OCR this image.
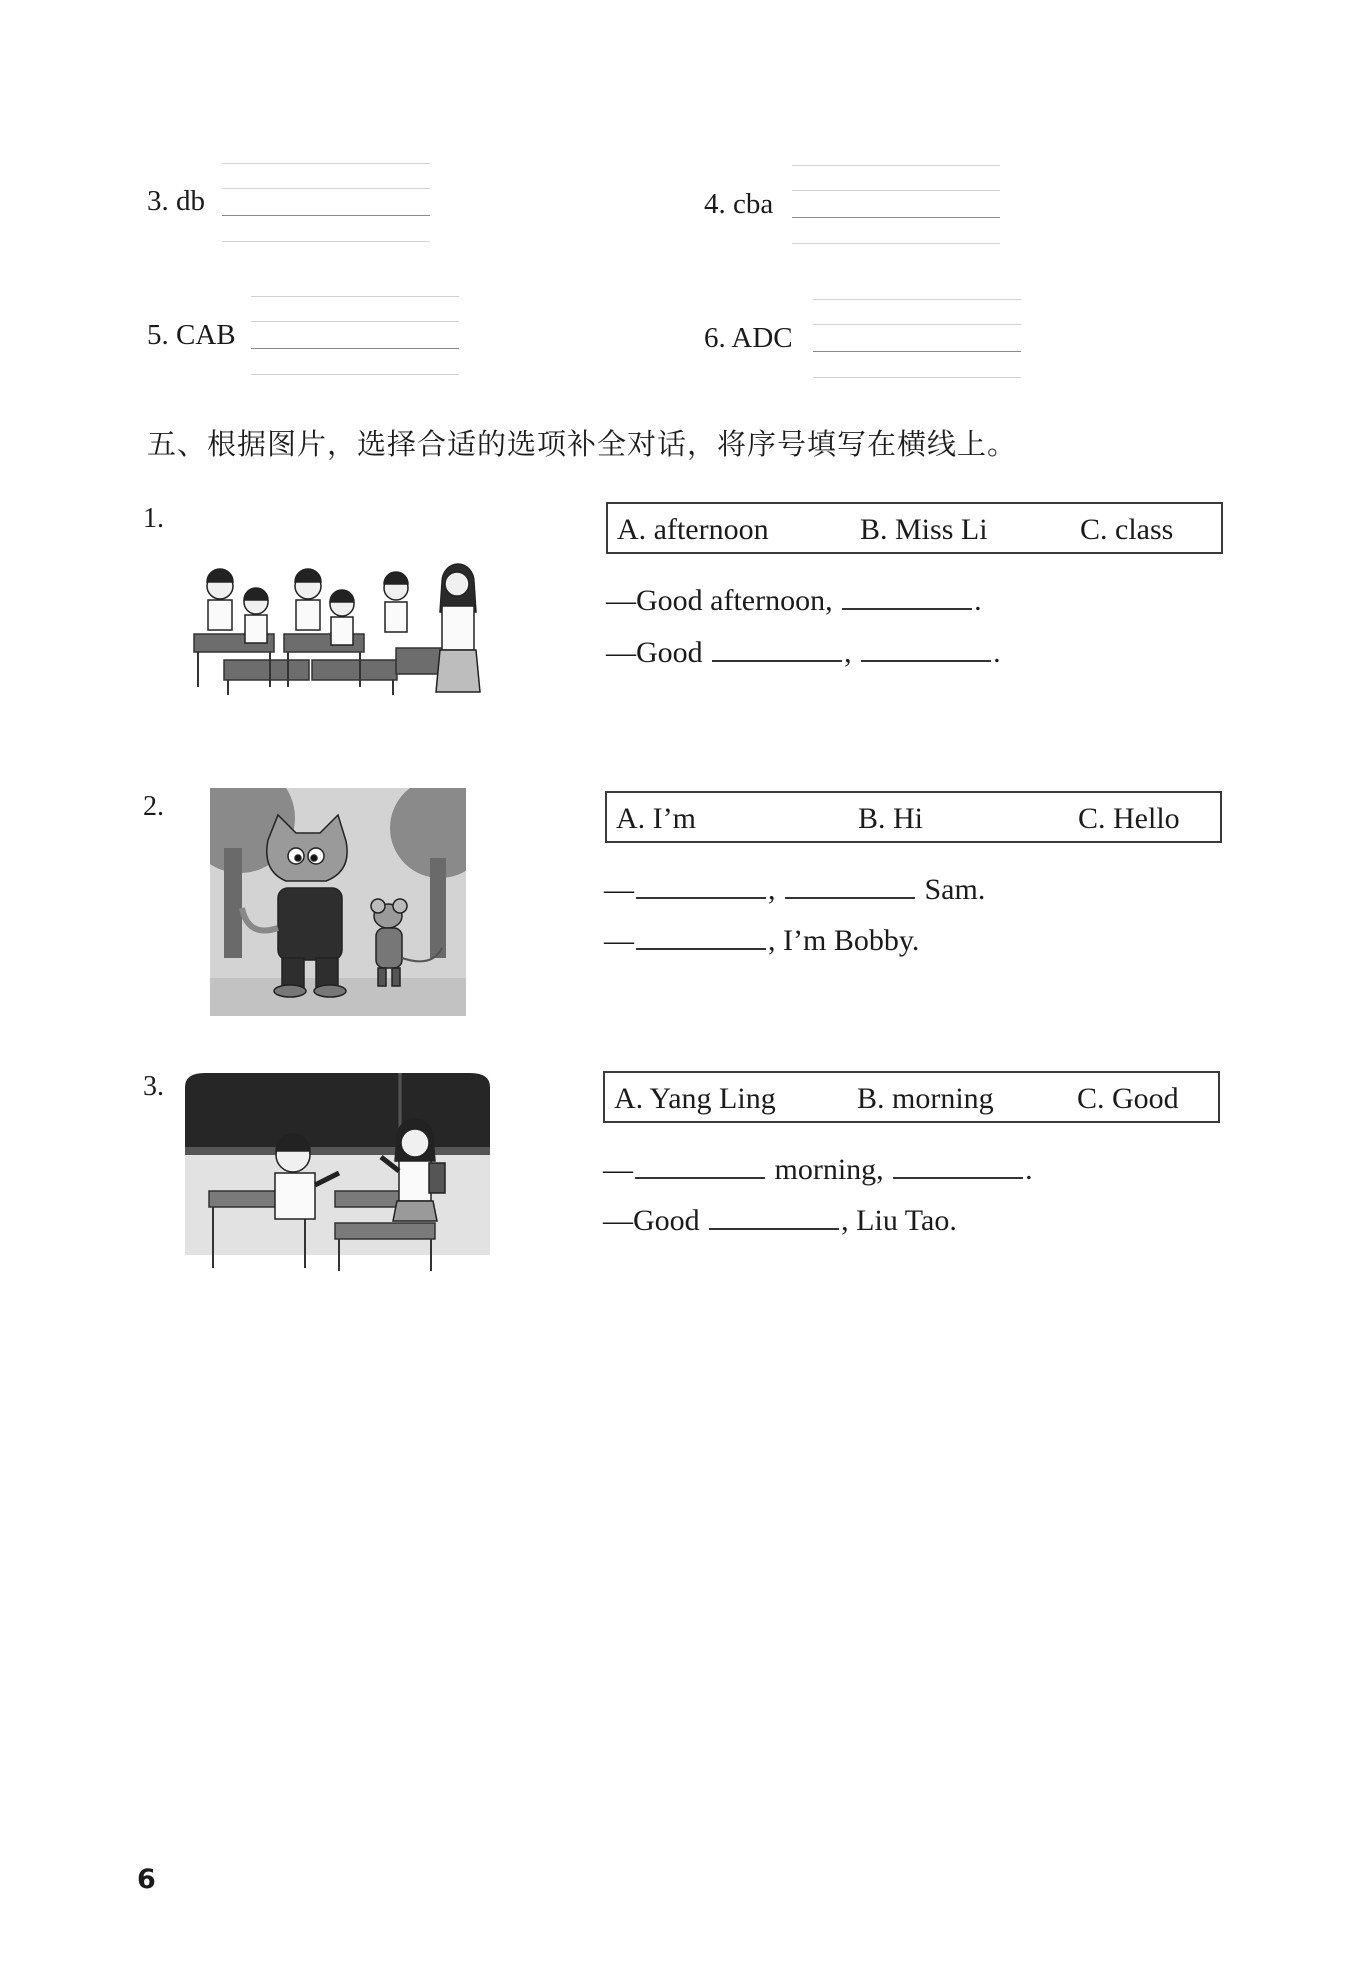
3. db	4. cba
5. CAB	6. ADC
五、根据图片，选择合适的选项补全对话，将序号填写在横线上。
1.	A. afternoon	B. Miss Li	C. class
—Good afternoon,	.
—Good	,	.
2.	A. I’m	B. Hi	C. Hello
—	,	Sam.
—	, I’m Bobby.
3.	A. Yang Ling	B. morning	C. Good
—	morning,	.
—Good	, Liu Tao.
6
